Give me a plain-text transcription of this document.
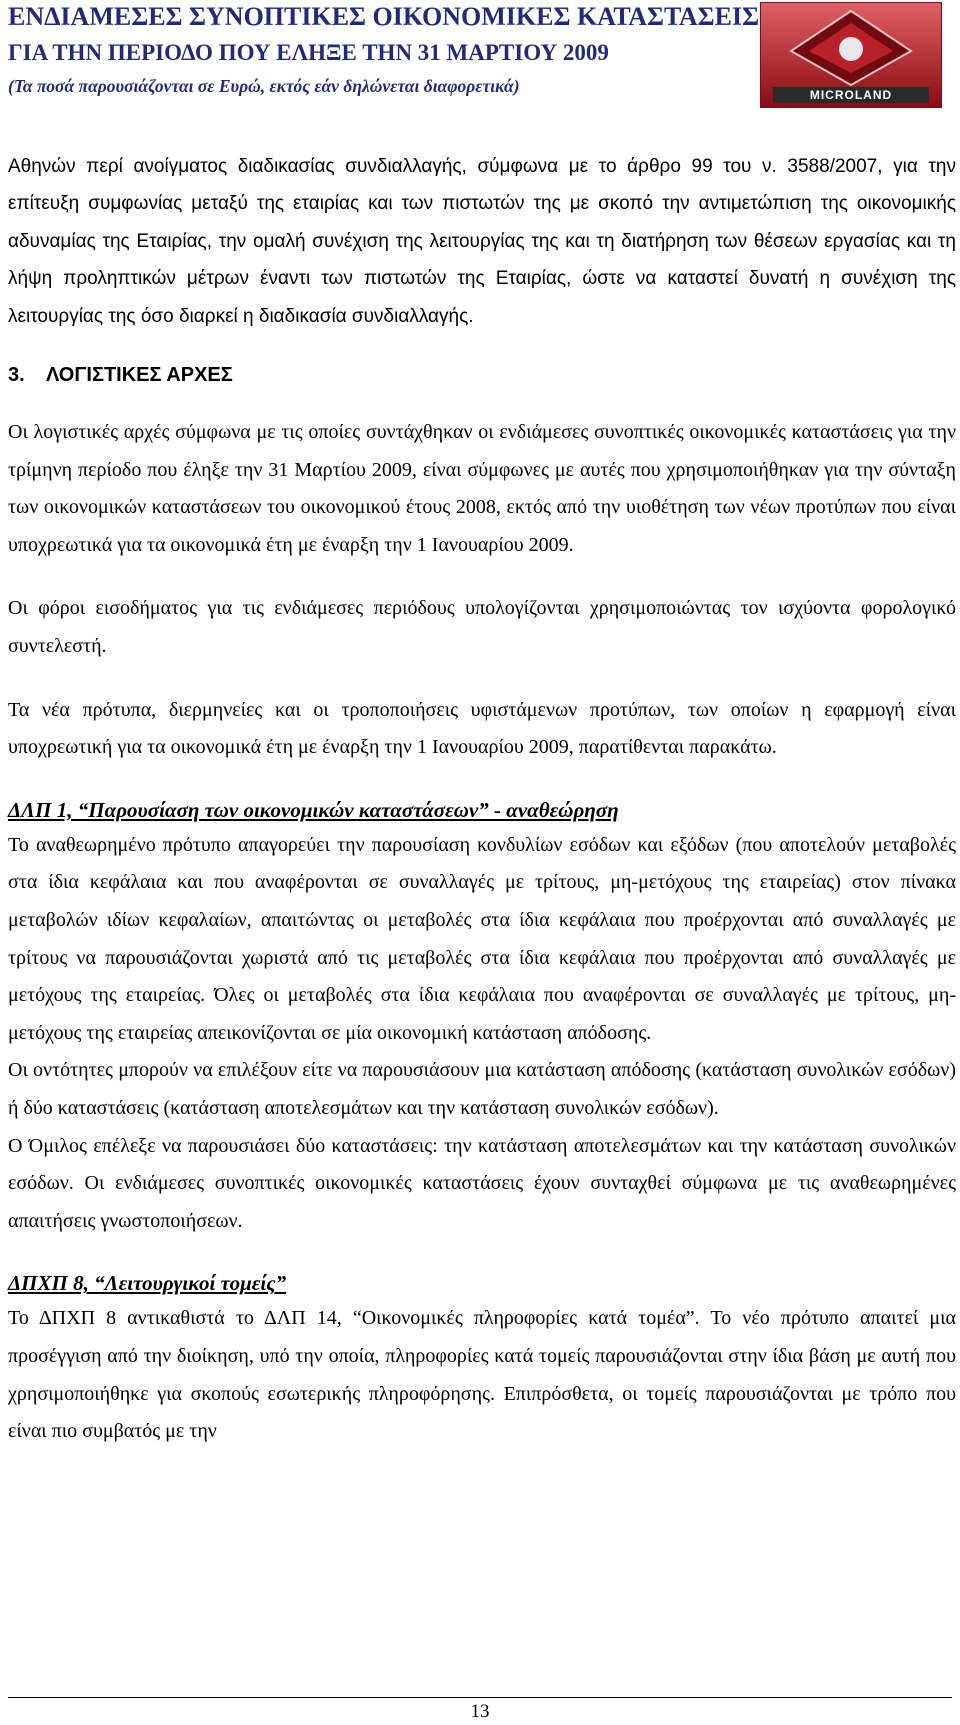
ΕΝΔΙΑΜΕΣΕΣ ΣΥΝΟΠΤΙΚΕΣ ΟΙΚΟΝΟΜΙΚΕΣ ΚΑΤΑΣΤΑΣΕΙΣ
ΓΙΑ ΤΗΝ ΠΕΡΙΟΔΟ ΠΟΥ ΕΛΗΞΕ ΤΗΝ 31 ΜΑΡΤΙΟΥ 2009
(Τα ποσά παρουσιάζονται σε Ευρώ, εκτός εάν δηλώνεται διαφορετικά)	MICROLAND

Αθηνών περί ανοίγματος διαδικασίας συνδιαλλαγής, σύμφωνα με το άρθρο 99 του ν. 3588/2007, για την επίτευξη συμφωνίας μεταξύ της εταιρίας και των πιστωτών της με σκοπό την αντιμετώπιση της οικονομικής αδυναμίας της Εταιρίας, την ομαλή συνέχιση της λειτουργίας της και τη διατήρηση των θέσεων εργασίας και τη λήψη προληπτικών μέτρων έναντι των πιστωτών της Εταιρίας, ώστε να καταστεί δυνατή η συνέχιση της λειτουργίας της όσο διαρκεί η διαδικασία συνδιαλλαγής.

3. ΛΟΓΙΣΤΙΚΕΣ ΑΡΧΕΣ

Οι λογιστικές αρχές σύμφωνα με τις οποίες συντάχθηκαν οι ενδιάμεσες συνοπτικές οικονομικές καταστάσεις για την τρίμηνη περίοδο που έληξε την 31 Μαρτίου 2009, είναι σύμφωνες με αυτές που χρησιμοποιήθηκαν για την σύνταξη των οικονομικών καταστάσεων του οικονομικού έτους 2008, εκτός από την υιοθέτηση των νέων προτύπων που είναι υποχρεωτικά για τα οικονομικά έτη με έναρξη την 1 Ιανουαρίου 2009.

Οι φόροι εισοδήματος για τις ενδιάμεσες περιόδους υπολογίζονται χρησιμοποιώντας τον ισχύοντα φορολογικό συντελεστή.

Τα νέα πρότυπα, διερμηνείες και οι τροποποιήσεις υφιστάμενων προτύπων, των οποίων η εφαρμογή είναι υποχρεωτική για τα οικονομικά έτη με έναρξη την 1 Ιανουαρίου 2009, παρατίθενται παρακάτω.

ΔΛΠ 1, “Παρουσίαση των οικονομικών καταστάσεων” - αναθεώρηση

Το αναθεωρημένο πρότυπο απαγορεύει την παρουσίαση κονδυλίων εσόδων και εξόδων (που αποτελούν μεταβολές στα ίδια κεφάλαια και που αναφέρονται σε συναλλαγές με τρίτους, μη-μετόχους της εταιρείας) στον πίνακα μεταβολών ιδίων κεφαλαίων, απαιτώντας οι μεταβολές στα ίδια κεφάλαια που προέρχονται από συναλλαγές με τρίτους να παρουσιάζονται χωριστά από τις μεταβολές στα ίδια κεφάλαια που προέρχονται από συναλλαγές με μετόχους της εταιρείας. Όλες οι μεταβολές στα ίδια κεφάλαια που αναφέρονται σε συναλλαγές με τρίτους, μη-μετόχους της εταιρείας απεικονίζονται σε μία οικονομική κατάσταση απόδοσης.

Οι οντότητες μπορούν να επιλέξουν είτε να παρουσιάσουν μια κατάσταση απόδοσης (κατάσταση συνολικών εσόδων) ή δύο καταστάσεις (κατάσταση αποτελεσμάτων και την κατάσταση συνολικών εσόδων).

Ο Όμιλος επέλεξε να παρουσιάσει δύο καταστάσεις: την κατάσταση αποτελεσμάτων και την κατάσταση συνολικών εσόδων. Οι ενδιάμεσες συνοπτικές οικονομικές καταστάσεις έχουν συνταχθεί σύμφωνα με τις αναθεωρημένες απαιτήσεις γνωστοποιήσεων.

ΔΠΧΠ 8, “Λειτουργικοί τομείς”

Το ΔΠΧΠ 8 αντικαθιστά το ΔΛΠ 14, “Οικονομικές πληροφορίες κατά τομέα”. Το νέο πρότυπο απαιτεί μια προσέγγιση από την διοίκηση, υπό την οποία, πληροφορίες κατά τομείς παρουσιάζονται στην ίδια βάση με αυτή που χρησιμοποιήθηκε για σκοπούς εσωτερικής πληροφόρησης. Επιπρόσθετα, οι τομείς παρουσιάζονται με τρόπο που είναι πιο συμβατός με την

13
